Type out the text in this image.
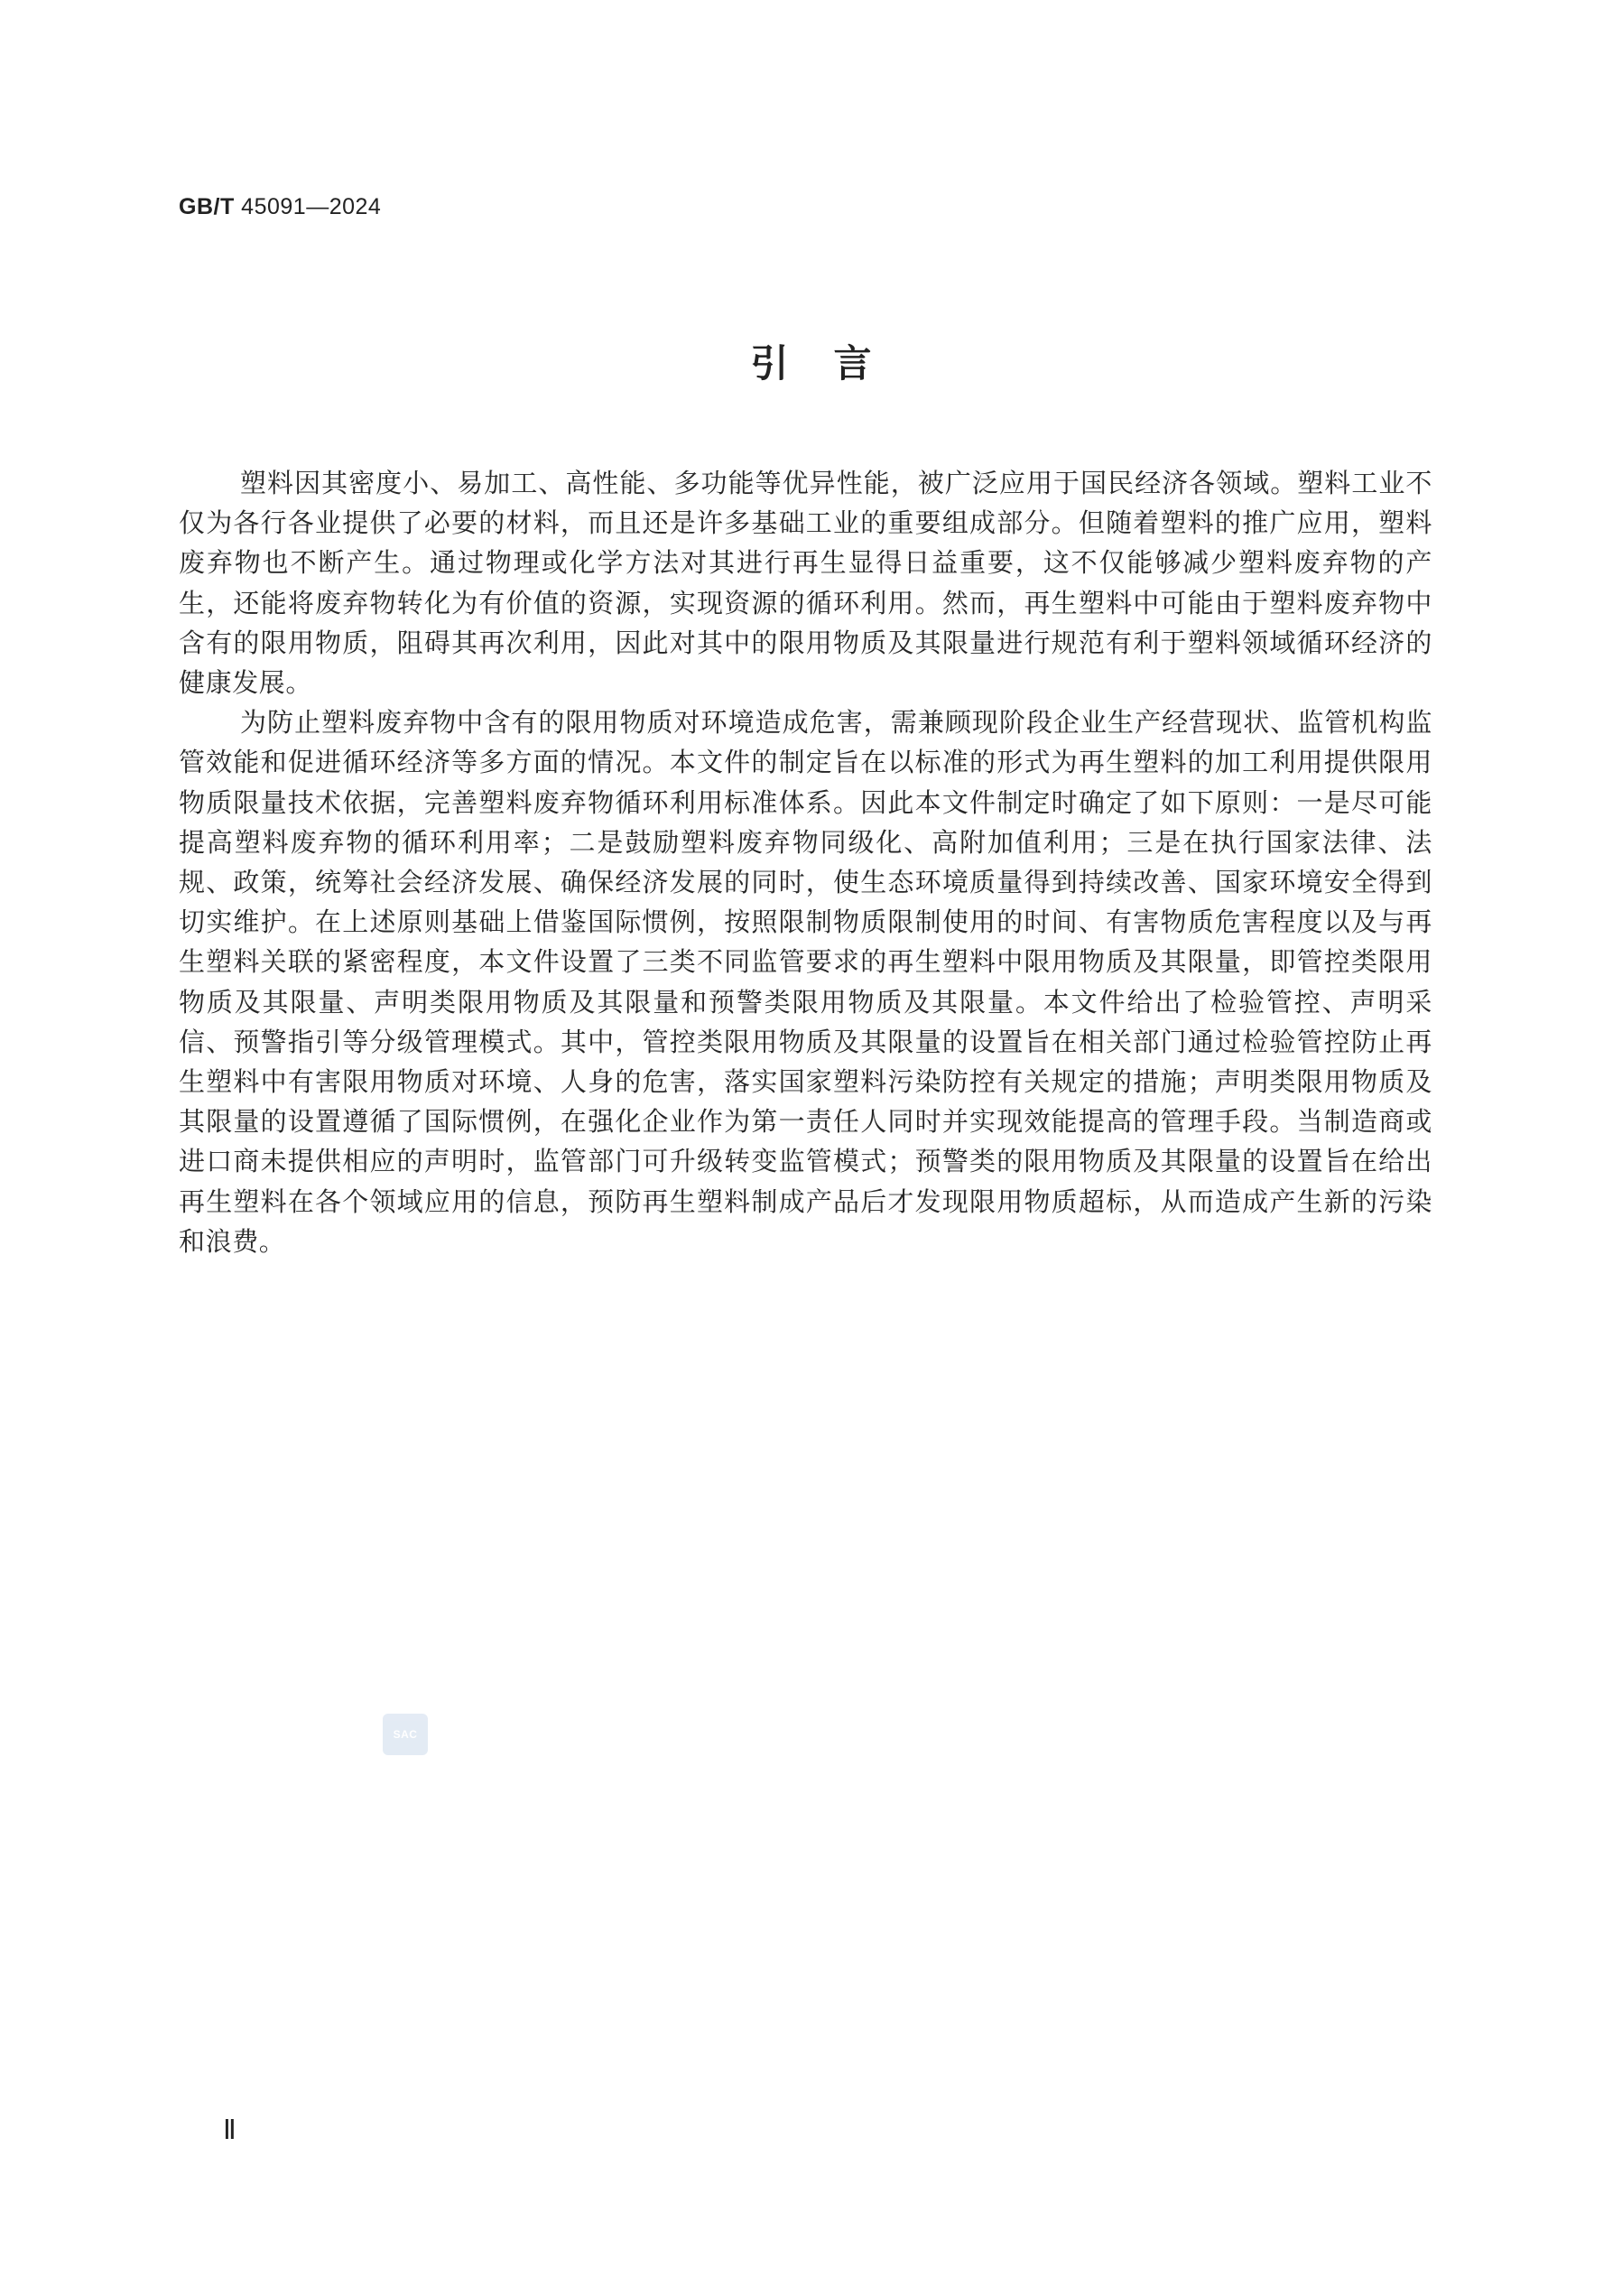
GB/T 45091—2024
引言

塑料因其密度小、易加工、高性能、多功能等优异性能，被广泛应用于国民经济各领域。塑料工业不仅为各行各业提供了必要的材料，而且还是许多基础工业的重要组成部分。但随着塑料的推广应用，塑料废弃物也不断产生。通过物理或化学方法对其进行再生显得日益重要，这不仅能够减少塑料废弃物的产生，还能将废弃物转化为有价值的资源，实现资源的循环利用。然而，再生塑料中可能由于塑料废弃物中含有的限用物质，阻碍其再次利用，因此对其中的限用物质及其限量进行规范有利于塑料领域循环经济的健康发展。

为防止塑料废弃物中含有的限用物质对环境造成危害，需兼顾现阶段企业生产经营现状、监管机构监管效能和促进循环经济等多方面的情况。本文件的制定旨在以标准的形式为再生塑料的加工利用提供限用物质限量技术依据，完善塑料废弃物循环利用标准体系。因此本文件制定时确定了如下原则：一是尽可能提高塑料废弃物的循环利用率；二是鼓励塑料废弃物同级化、高附加值利用；三是在执行国家法律、法规、政策，统筹社会经济发展、确保经济发展的同时，使生态环境质量得到持续改善、国家环境安全得到切实维护。在上述原则基础上借鉴国际惯例，按照限制物质限制使用的时间、有害物质危害程度以及与再生塑料关联的紧密程度，本文件设置了三类不同监管要求的再生塑料中限用物质及其限量，即管控类限用物质及其限量、声明类限用物质及其限量和预警类限用物质及其限量。本文件给出了检验管控、声明采信、预警指引等分级管理模式。其中，管控类限用物质及其限量的设置旨在相关部门通过检验管控防止再生塑料中有害限用物质对环境、人身的危害，落实国家塑料污染防控有关规定的措施；声明类限用物质及其限量的设置遵循了国际惯例，在强化企业作为第一责任人同时并实现效能提高的管理手段。当制造商或进口商未提供相应的声明时，监管部门可升级转变监管模式；预警类的限用物质及其限量的设置旨在给出再生塑料在各个领域应用的信息，预防再生塑料制成产品后才发现限用物质超标，从而造成产生新的污染和浪费。

SAC
Ⅱ
